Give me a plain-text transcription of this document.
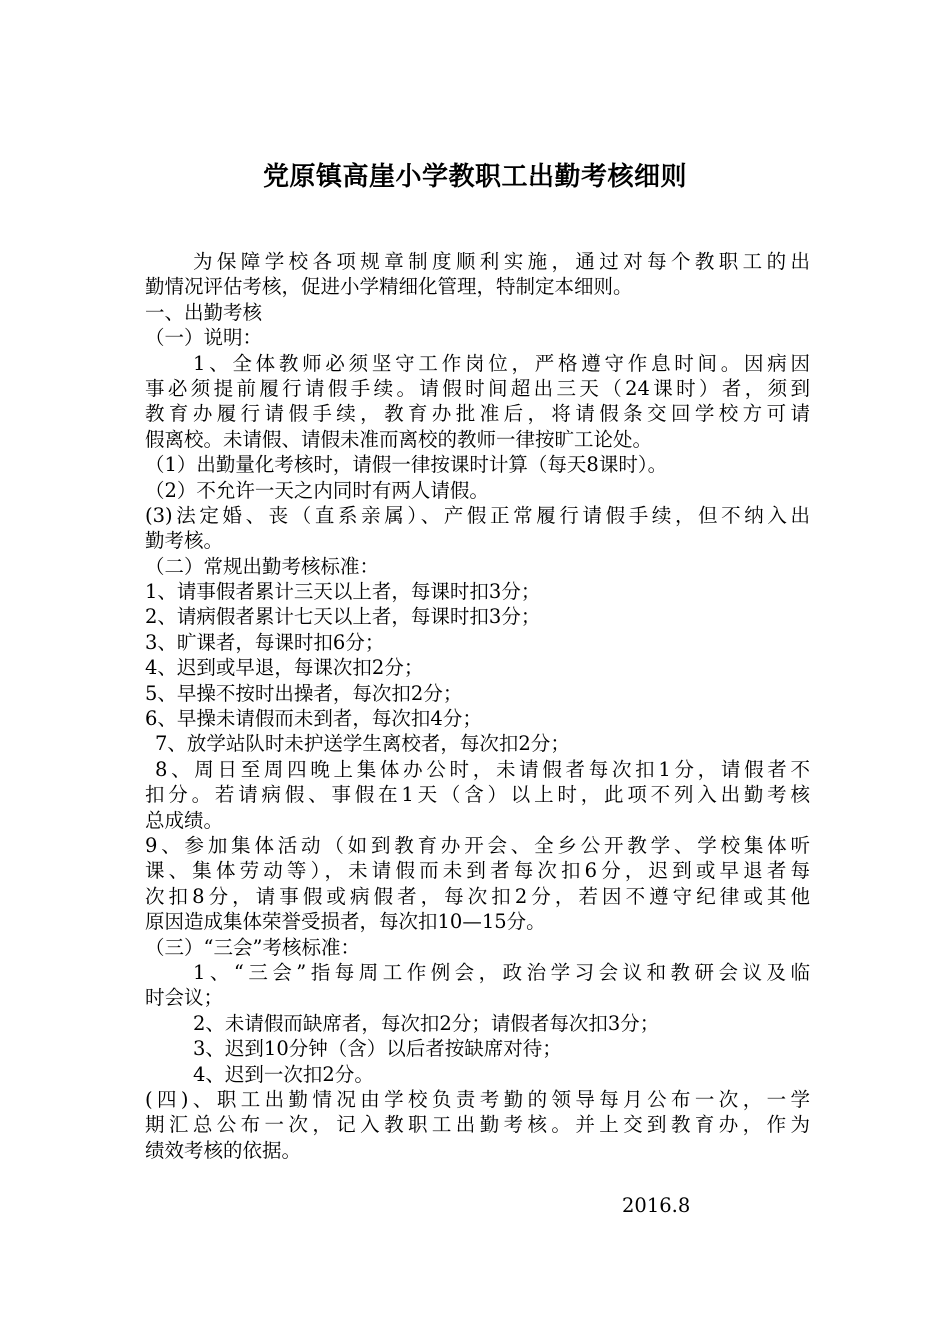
党原镇高崖小学教职工出勤考核细则
为保障学校各项规章制度顺利实施，通过对每个教职工的出
勤情况评估考核，促进小学精细化管理，特制定本细则。
一、出勤考核
（一）说明：
1、全体教师必须坚守工作岗位，严格遵守作息时间。因病因
事必须提前履行请假手续。请假时间超出三天（24课时）者，须到
教育办履行请假手续，教育办批准后，将请假条交回学校方可请
假离校。未请假、请假未准而离校的教师一律按旷工论处。
（1）出勤量化考核时，请假一律按课时计算（每天8课时）。
（2）不允许一天之内同时有两人请假。
(3)法定婚、丧（直系亲属）、产假正常履行请假手续，但不纳入出
勤考核。
（二）常规出勤考核标准：
1、请事假者累计三天以上者，每课时扣3分；
2、请病假者累计七天以上者，每课时扣3分；
3、旷课者，每课时扣6分；
4、迟到或早退，每课次扣2分；
5、早操不按时出操者，每次扣2分；
6、早操未请假而未到者，每次扣4分；
7、放学站队时未护送学生离校者，每次扣2分；
8、周日至周四晚上集体办公时，未请假者每次扣1分，请假者不
扣分。若请病假、事假在1天（含）以上时，此项不列入出勤考核
总成绩。
9、参加集体活动（如到教育办开会、全乡公开教学、学校集体听
课、集体劳动等），未请假而未到者每次扣6分，迟到或早退者每
次扣8分，请事假或病假者，每次扣2分，若因不遵守纪律或其他
原因造成集体荣誉受损者，每次扣10—15分。
（三）“三会”考核标准：
1、“三会”指每周工作例会，政治学习会议和教研会议及临
时会议；
2、未请假而缺席者，每次扣2分；请假者每次扣3分；
3、迟到10分钟（含）以后者按缺席对待；
4、迟到一次扣2分。
(四)、职工出勤情况由学校负责考勤的领导每月公布一次，一学
期汇总公布一次，记入教职工出勤考核。并上交到教育办，作为
绩效考核的依据。
2016.8
